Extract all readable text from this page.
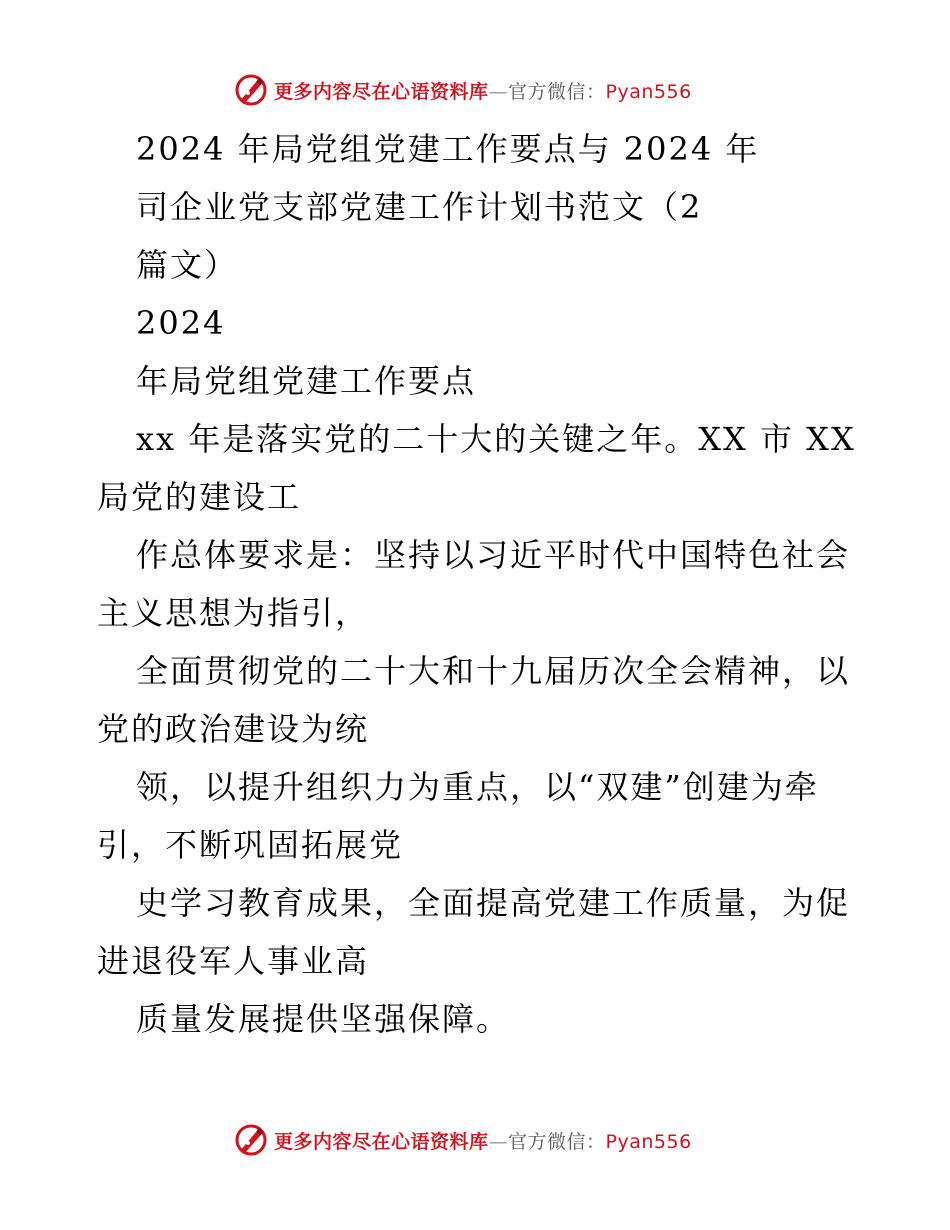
更多内容尽在心语资料库—官方微信：Pyan556
2024 年局党组党建工作要点与 2024 年
司企业党支部党建工作计划书范文（2
篇文）
2024
年局党组党建工作要点
xx 年是落实党的二十大的关键之年。XX 市 XX
局党的建设工
作总体要求是：坚持以习近平时代中国特色社会
主义思想为指引，
全面贯彻党的二十大和十九届历次全会精神，以
党的政治建设为统
领，以提升组织力为重点，以“双建”创建为牵
引，不断巩固拓展党
史学习教育成果，全面提高党建工作质量，为促
进退役军人事业高
质量发展提供坚强保障。
更多内容尽在心语资料库—官方微信：Pyan556
